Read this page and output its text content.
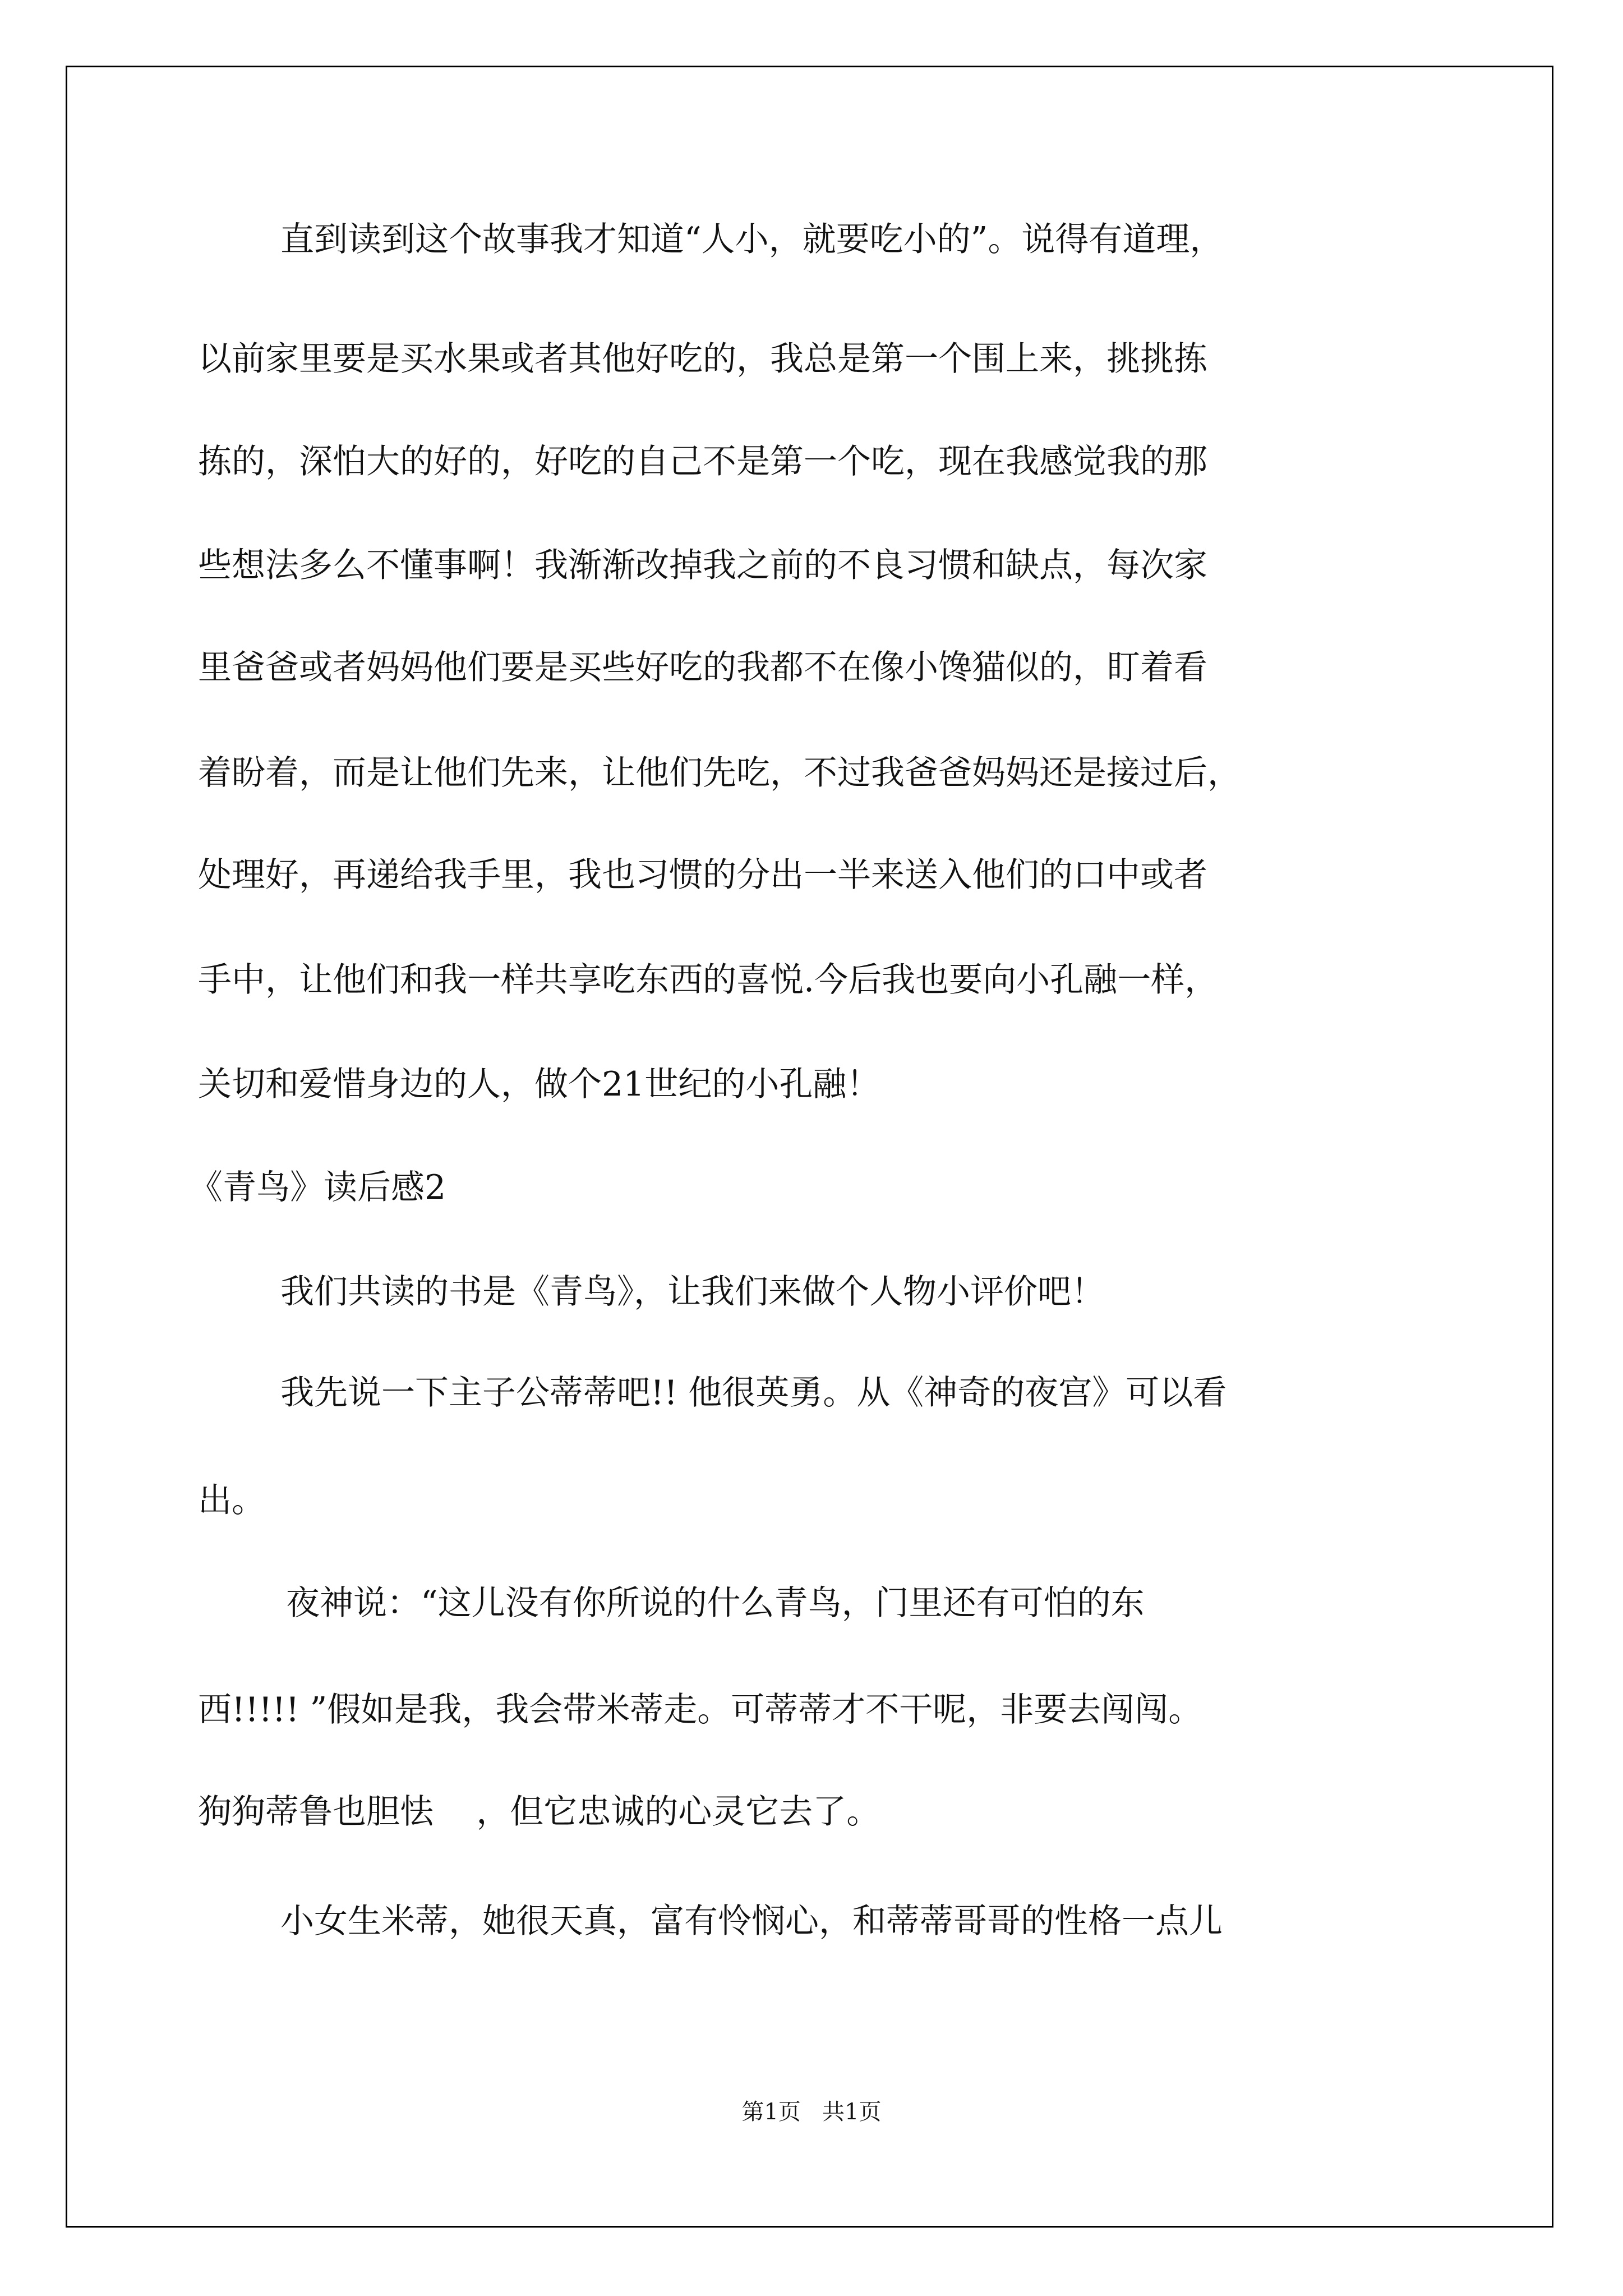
直到读到这个故事我才知道“人小，就要吃小的”。说得有道理，

以前家里要是买水果或者其他好吃的，我总是第一个围上来，挑挑拣

拣的，深怕大的好的，好吃的自己不是第一个吃，现在我感觉我的那

些想法多么不懂事啊！我渐渐改掉我之前的不良习惯和缺点，每次家

里爸爸或者妈妈他们要是买些好吃的我都不在像小馋猫似的，盯着看

着盼着，而是让他们先来，让他们先吃，不过我爸爸妈妈还是接过后，

处理好，再递给我手里，我也习惯的分出一半来送入他们的口中或者

手中，让他们和我一样共享吃东西的喜悦.今后我也要向小孔融一样，

关切和爱惜身边的人，做个21世纪的小孔融！

《青鸟》读后感2

我们共读的书是《青鸟》，让我们来做个人物小评价吧！

我先说一下主子公蒂蒂吧!! 他很英勇。从《神奇的夜宫》可以看

出。

夜神说：“这儿没有你所说的什么青鸟，门里还有可怕的东

西!!!!! ”假如是我，我会带米蒂走。可蒂蒂才不干呢，非要去闯闯。

狗狗蒂鲁也胆怯    ，但它忠诚的心灵它去了。

小女生米蒂，她很天真，富有怜悯心，和蒂蒂哥哥的性格一点儿

第1页   共1页
